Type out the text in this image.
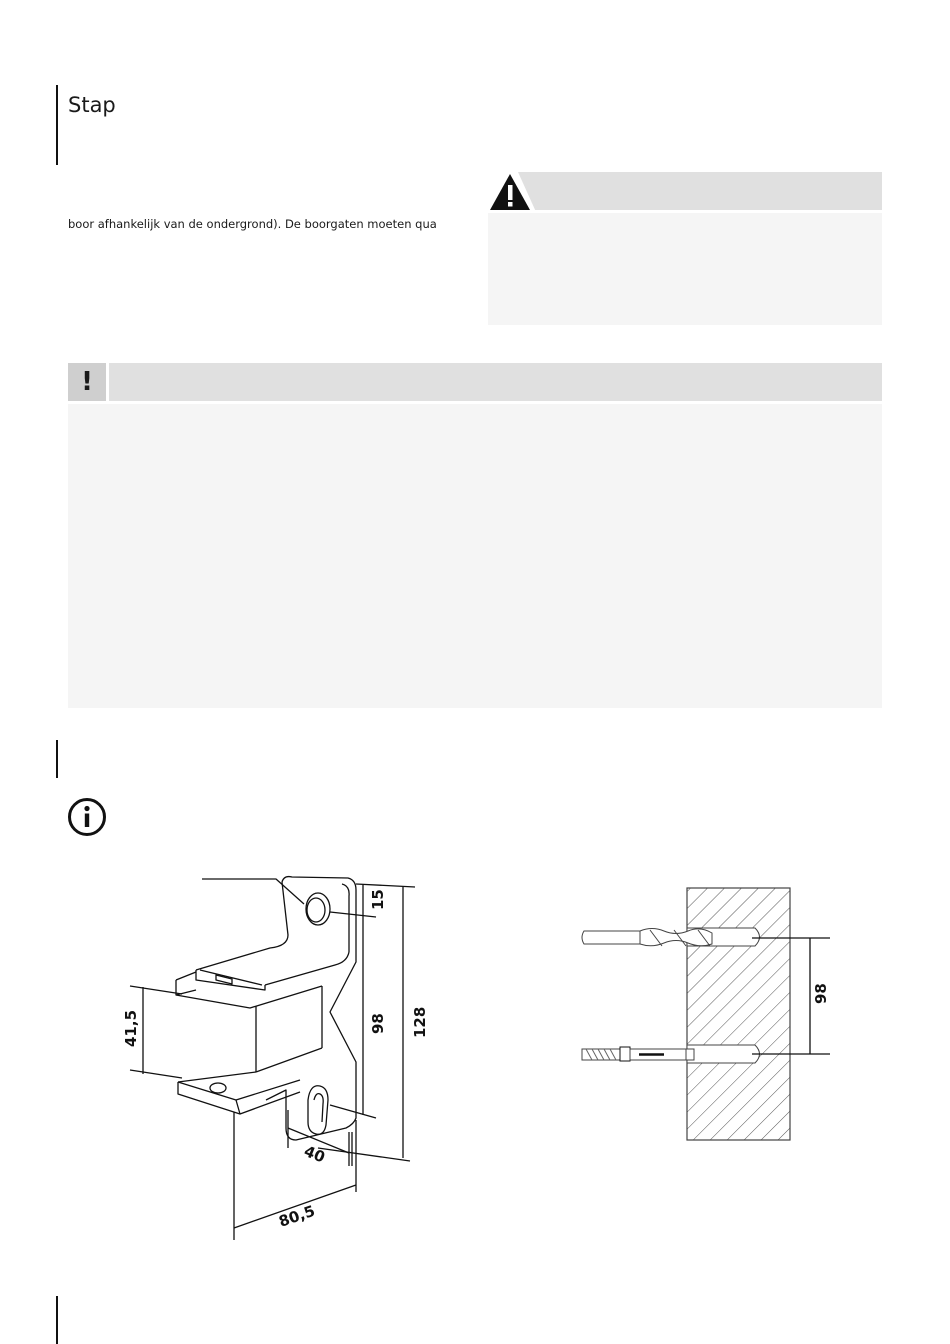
Stap
boor afhankelijk van de ondergrond). De boorgaten moeten qua
!
15
98 128
41,5
40
80,5
98
